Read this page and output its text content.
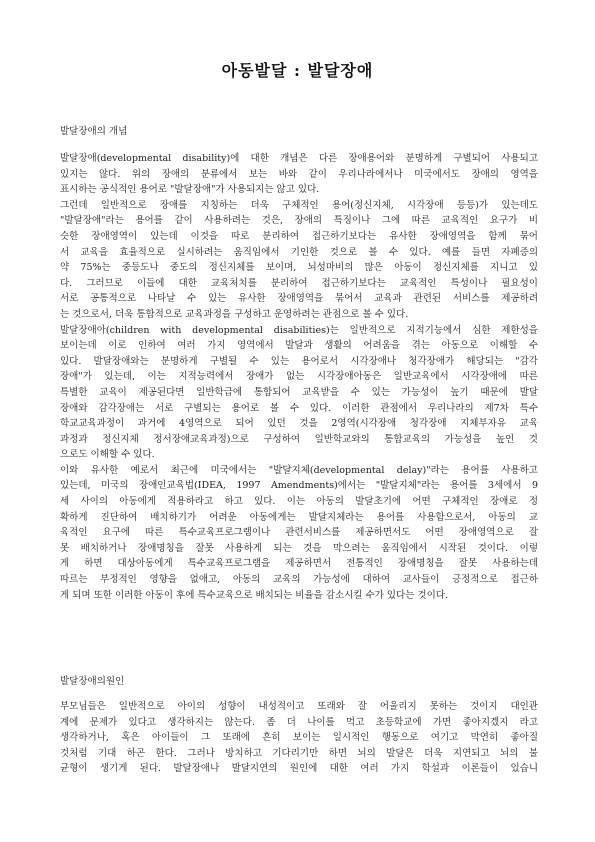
아동발달 : 발달장애
발달장애의 개념
발달장애(developmental disability)에 대한 개념은 다른 장애용어와 분명하게 구별되어 사용되고
있지는 않다. 위의 장애의 분류에서 보는 바와 같이 우리나라에서나 미국에서도 장애의 영역을
표시하는 공식적인 용어로 "발달장애"가 사용되지는 않고 있다.
그런데 일반적으로 장애를 지칭하는 더욱 구체적인 용어(정신지체, 시각장애 등등)가 있는데도
"발달장애"라는 용어를 같이 사용하려는 것은, 장애의 특징이나 그에 따른 교육적인 요구가 비
슷한 장애영역이 있는데 이것을 따로 분리하여 접근하기보다는 유사한 장애영역을 함께 묶어
서 교육을 효율적으로 실시하려는 움직임에서 기인한 것으로 볼 수 있다. 예를 들면 자폐증의
약 75%는 중등도나 중도의 정신지체를 보이며, 뇌성마비의 많은 아동이 정신지체를 지니고 있
다. 그러므로 이들에 대한 교육처치를 분리하여 접근하기보다는 교육적인 특성이나 필요성이
서로 공통적으로 나타날 수 있는 유사한 장애영역을 묶어서 교육과 관련된 서비스를 제공하려
는 것으로서, 더욱 통합적으로 교육과정을 구성하고 운영하려는 관점으로 볼 수 있다.
발달장애아(children with developmental disabilities)는 일반적으로 지적기능에서 심한 제한성을
보이는데 이로 인하여 여러 가지 영역에서 발달과 생활의 어려움을 겪는 아동으로 이해할 수
있다. 발달장애와는 분명하게 구별될 수 있는 용어로서 시각장애나 청각장애가 해당되는 "감각
장애"가 있는데, 이는 지적능력에서 장애가 없는 시각장애아동은 일반교육에서 시각장애에 따른
특별한 교육이 제공된다면 일반학급에 통합되어 교육받을 수 있는 가능성이 높기 때문에 발달
장애와 감각장애는 서로 구별되는 용어로 볼 수 있다. 이러한 관점에서 우리나라의 제7차 특수
학교교육과정이 과거에 4영역으로 되어 있던 것을 2영역(시각장애 청각장애 지체부자유 교육
과정과 정신지체 정서장애교육과정)으로 구성하여 일반학교와의 통합교육의 가능성을 높인 것
으로도 이해할 수 있다.
이와 유사한 예로서 최근에 미국에서는 "발달지체(developmental delay)"라는 용어를 사용하고
있는데, 미국의 장애인교육법(IDEA, 1997 Amendments)에서는 "발달지체"라는 용어를 3세에서 9
세 사이의 아동에게 적용하라고 하고 있다. 이는 아동의 발달초기에 어떤 구체적인 장애로 정
확하게 진단하여 배치하기가 어려운 아동에게는 발달지체라는 용어를 사용함으로서, 아동의 교
육적인 요구에 따른 특수교육프로그램이나 관련서비스를 제공하면서도 어떤 장애영역으로 잘
못 배치하거나 장애명칭을 잘못 사용하게 되는 것을 막으려는 움직임에서 시작된 것이다. 이렇
게 하면 대상아동에게 특수교육프로그램을 제공하면서 전통적인 장애명칭을 잘못 사용하는데
따르는 부정적인 영향을 없애고, 아동의 교육의 가능성에 대하여 교사들이 긍정적으로 접근하
게 되며 또한 이러한 아동이 후에 특수교육으로 배치되는 비율을 감소시킬 수가 있다는 것이다.
발달장애의원인
부모님들은 일반적으로 아이의 성향이 내성적이고 또래와 잘 어울리지 못하는 것이지 대인관
계에 문제가 있다고 생각하지는 않는다. 좀 더 나이를 먹고 초등학교에 가면 좋아지겠지 라고
생각하거나, 혹은 아이들이 그 또래에 흔히 보이는 일시적인 행동으로 여기고 막연히 좋아질
것처럼 기대 하곤 한다. 그러나 방치하고 기다리기만 하면 뇌의 발달은 더욱 지연되고 뇌의 불
균형이 생기게 된다. 발달장애나 발달지연의 원인에 대한 여러 가지 학설과 이론들이 있습니
